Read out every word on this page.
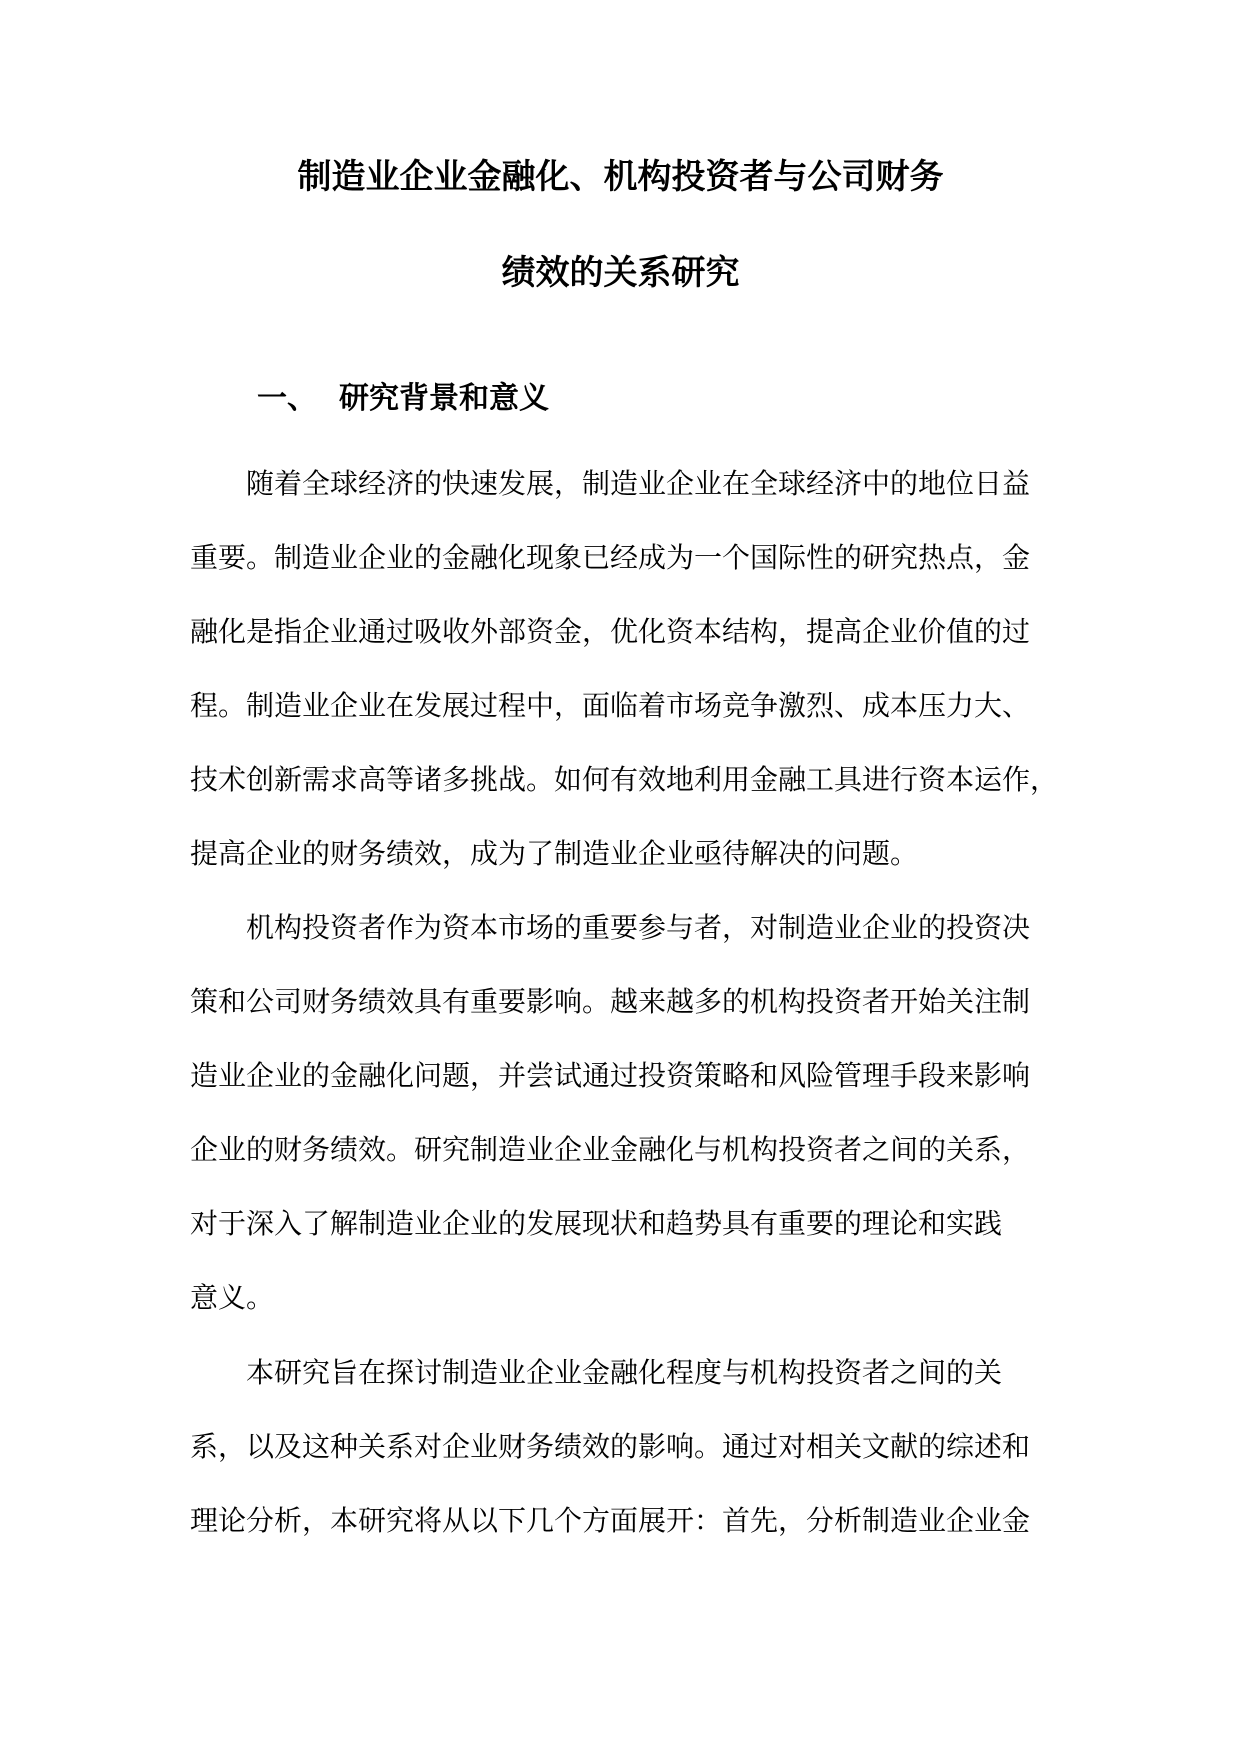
制造业企业金融化、机构投资者与公司财务
绩效的关系研究
一、 研究背景和意义

随着全球经济的快速发展，制造业企业在全球经济中的地位日益

重要。制造业企业的金融化现象已经成为一个国际性的研究热点，金

融化是指企业通过吸收外部资金，优化资本结构，提高企业价值的过

程。制造业企业在发展过程中，面临着市场竞争激烈、成本压力大、

技术创新需求高等诸多挑战。如何有效地利用金融工具进行资本运作，

提高企业的财务绩效，成为了制造业企业亟待解决的问题。

机构投资者作为资本市场的重要参与者，对制造业企业的投资决

策和公司财务绩效具有重要影响。越来越多的机构投资者开始关注制

造业企业的金融化问题，并尝试通过投资策略和风险管理手段来影响

企业的财务绩效。研究制造业企业金融化与机构投资者之间的关系，

对于深入了解制造业企业的发展现状和趋势具有重要的理论和实践

意义。

本研究旨在探讨制造业企业金融化程度与机构投资者之间的关

系，以及这种关系对企业财务绩效的影响。通过对相关文献的综述和

理论分析，本研究将从以下几个方面展开：首先，分析制造业企业金
